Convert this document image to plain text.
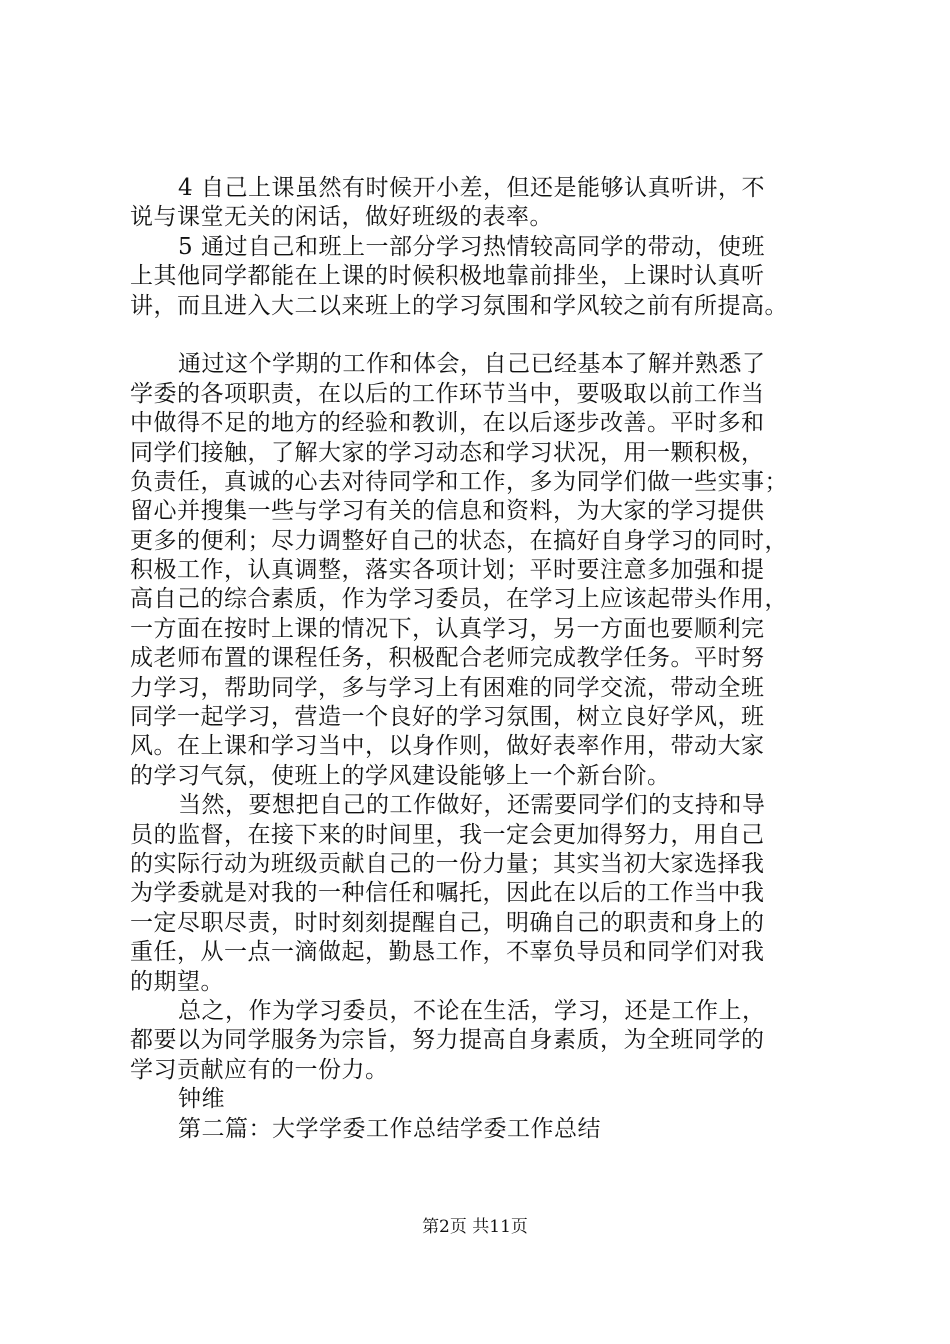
4 自己上课虽然有时候开小差，但还是能够认真听讲，不
说与课堂无关的闲话，做好班级的表率。
5 通过自己和班上一部分学习热情较高同学的带动，使班
上其他同学都能在上课的时候积极地靠前排坐，上课时认真听
讲，而且进入大二以来班上的学习氛围和学风较之前有所提高。
通过这个学期的工作和体会，自己已经基本了解并熟悉了
学委的各项职责，在以后的工作环节当中，要吸取以前工作当
中做得不足的地方的经验和教训，在以后逐步改善。平时多和
同学们接触，了解大家的学习动态和学习状况，用一颗积极，
负责任，真诚的心去对待同学和工作，多为同学们做一些实事；
留心并搜集一些与学习有关的信息和资料，为大家的学习提供
更多的便利；尽力调整好自己的状态，在搞好自身学习的同时，
积极工作，认真调整，落实各项计划；平时要注意多加强和提
高自己的综合素质，作为学习委员，在学习上应该起带头作用，
一方面在按时上课的情况下，认真学习，另一方面也要顺利完
成老师布置的课程任务，积极配合老师完成教学任务。平时努
力学习，帮助同学，多与学习上有困难的同学交流，带动全班
同学一起学习，营造一个良好的学习氛围，树立良好学风，班
风。在上课和学习当中，以身作则，做好表率作用，带动大家
的学习气氛，使班上的学风建设能够上一个新台阶。
当然，要想把自己的工作做好，还需要同学们的支持和导
员的监督，在接下来的时间里，我一定会更加得努力，用自己
的实际行动为班级贡献自己的一份力量；其实当初大家选择我
为学委就是对我的一种信任和嘱托，因此在以后的工作当中我
一定尽职尽责，时时刻刻提醒自己，明确自己的职责和身上的
重任，从一点一滴做起，勤恳工作，不辜负导员和同学们对我
的期望。
总之，作为学习委员，不论在生活，学习，还是工作上，
都要以为同学服务为宗旨，努力提高自身素质，为全班同学的
学习贡献应有的一份力。
钟维
第二篇：大学学委工作总结学委工作总结
第2页 共11页
